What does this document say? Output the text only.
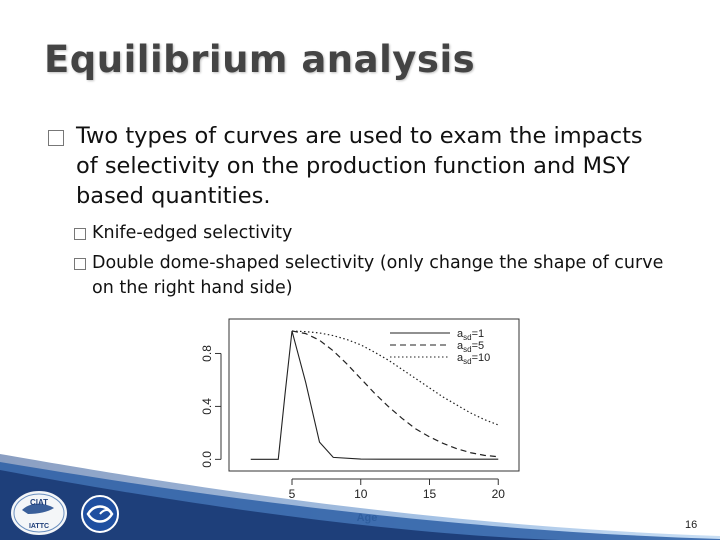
Equilibrium analysis
Two types of curves are used to exam the impacts of selectivity on the production function and MSY based quantities.
Knife-edged selectivity
Double dome-shaped selectivity (only change the shape of curve on the right hand side)
5	10	15	20
0.0
0.4
0.8
$a_{sd}=1$
$a_{sd}=5$
$a_{sd}=10$
CIAT
IATTC	16
